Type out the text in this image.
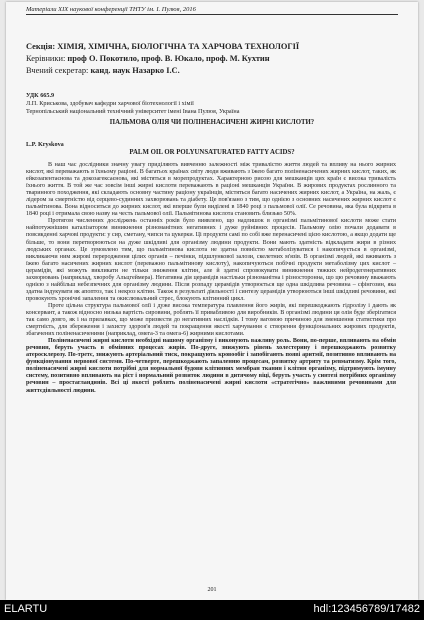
Матеріали XIX наукової конференції ТНТУ ім. І. Пулюя, 2016
Секція: ХІМІЯ, ХІМІЧНА, БІОЛОГІЧНА ТА ХАРЧОВА ТЕХНОЛОГІЇ
Керівники: проф О. Покотило, проф. В. Юкало, проф. М. Кухтин
Вчений секретар: канд. наук Назарко І.С.
УДК 665.9
Л.П. Криськова, здобувач кафедри харчової біотехнології і хімії
Тернопільський національний технічний університет імені Івана Пулюя, Україна
ПАЛЬМОВА ОЛІЯ ЧИ ПОЛІНЕНАСИЧЕНІ ЖИРНІ КИСЛОТИ?
L.P. Kryskova
PALM OIL OR POLYUNSATURATED FATTY ACIDS?

В наш час дослідники значну увагу приділяють вивченню залежності між тривалістю життя людей та впливу на нього жирних кислот, які переважають в їхньому раціоні. В багатьох країнах світу люди вживають з їжею багато поліненасичених жирних кислот, таких, як ейкозапентаєнова та докозагексаєнова, які містяться в морепродуктах. Характерною рисою для мешканців цих країн є висока тривалість їхнього життя. В той же час зовсім інші жирні кислоти переважають в раціоні мешканців України. В жирових продуктах рослинного та тваринного походження, які складають основну частину раціону українців, містяться багато насичених жирних кислот, а Україна, на жаль, є лідером за смертністю від серцево-судинних захворювань та діабету. Це пов'язано з тим, що однією з основних насичених жирних кислот є пальмітинова. Вона відноситься до жирних кислот, які вперше були виділені в 1840 році з пальмової олії. Се речовина, яка була відкрита в 1840 році і отримала свою назву на честь пальмової олії. Пальмітинова кислота становить близько 50%.

Протягом численних досліджень останніх років було виявлено, що надлишок в організмі пальмітинової кислоти може стати найпотужнішим каталізатором виникнення різноманітних негативних і дуже руйнівних процесів. Пальмову олію почали додавати в повсякденні харчові продукти: у сир, сметану, чипси та цукерки. Ці продукти самі по собі вже перенасичені цією кислотою, а якщо додати ще більше, то вони перетворюються на дуже шкідливі для організму людини продукти. Вони мають здатність відкладати жири в різних людських органах. Це зумовлено тим, що пальмітинова кислота не здатна повністю метаболізуватися і накопичується в організмі, викликаючи ним жирові переродження цілих органів – печінки, підшлункової залози, скелетних м'язів. В організмі людей, які вживають з їжею багато насичених жирних кислот (переважно пальмітинову кислоту), накопичуються побічні продукти метаболізму цих кислот – церамідів, які можуть викликати не тільки зниження клітин, але й здатні спровокувати виникнення тяжких нейродегенеративних захворювань (наприклад, хворобу Альцгеймера). Негативна дія церамідів настільки різноманітна і різносторонна, що цю речовину вважають однією з найбільш небезпечних для організму людини. Після розпаду церамідів утворюється ще одна шкідлива речовина – сфінгозин, яка здатна індукувати як апоптоз, так і некроз клітин. Також в результаті діяльності і синтезу церамідів утворюються інші шкідливі речовини, які провокують хронічні запалення та окислювальний стрес, блокують клітинний цикл.

Проте цільна структура пальмової олії і дуже висока температура плавлення його жирів, які перешкоджають гідролізу і дають як консервант, а також відносно низька вартість сировини, роблять її привабливою для виробників. В організмі людини ця олія буде зберігатися так само довго, як і на прилавках, що може призвести до негативних наслідків. І тому вагомою причиною для зменшення статистики про смертність, для збереження і захисту здоров'я людей та покращення якості харчування є створення функціональних жирових продуктів, збагачених поліненасиченими (наприклад, омега-3 та омега-6) жирними кислотами.

Поліненасичені жирні кислоти необхідні нашому організму і виконують важливу роль. Вони, по-перше, впливають на обмін речовин, беруть участь в обмінних процесах жирів. По-друге, знижують рівень холестерину і перешкоджають розвитку атеросклерозу. По-третє, знижують артеріальний тиск, покращують кровообіг і запобігають появі аритмії, позитивно впливають на функціонування нервової системи. По-четверте, перешкоджають запаленню процесам, розвитку артриту та ревматизму. Крім того, поліненасичені жирні кислоти потрібні для нормальної будови клітинних мембран тканин і клітин організму, підтримують імунну систему, позитивно впливають на ріст і нормальний розвиток людини в дитячому віці, беруть участь у синтезі потрібних організму речовин – простагландинів. Всі ці якості роблять поліненасичені жирні кислоти «стратегічно» важливими речовинами для життєдіяльності людини.

201
ELARTU	hdl:123456789/17482
